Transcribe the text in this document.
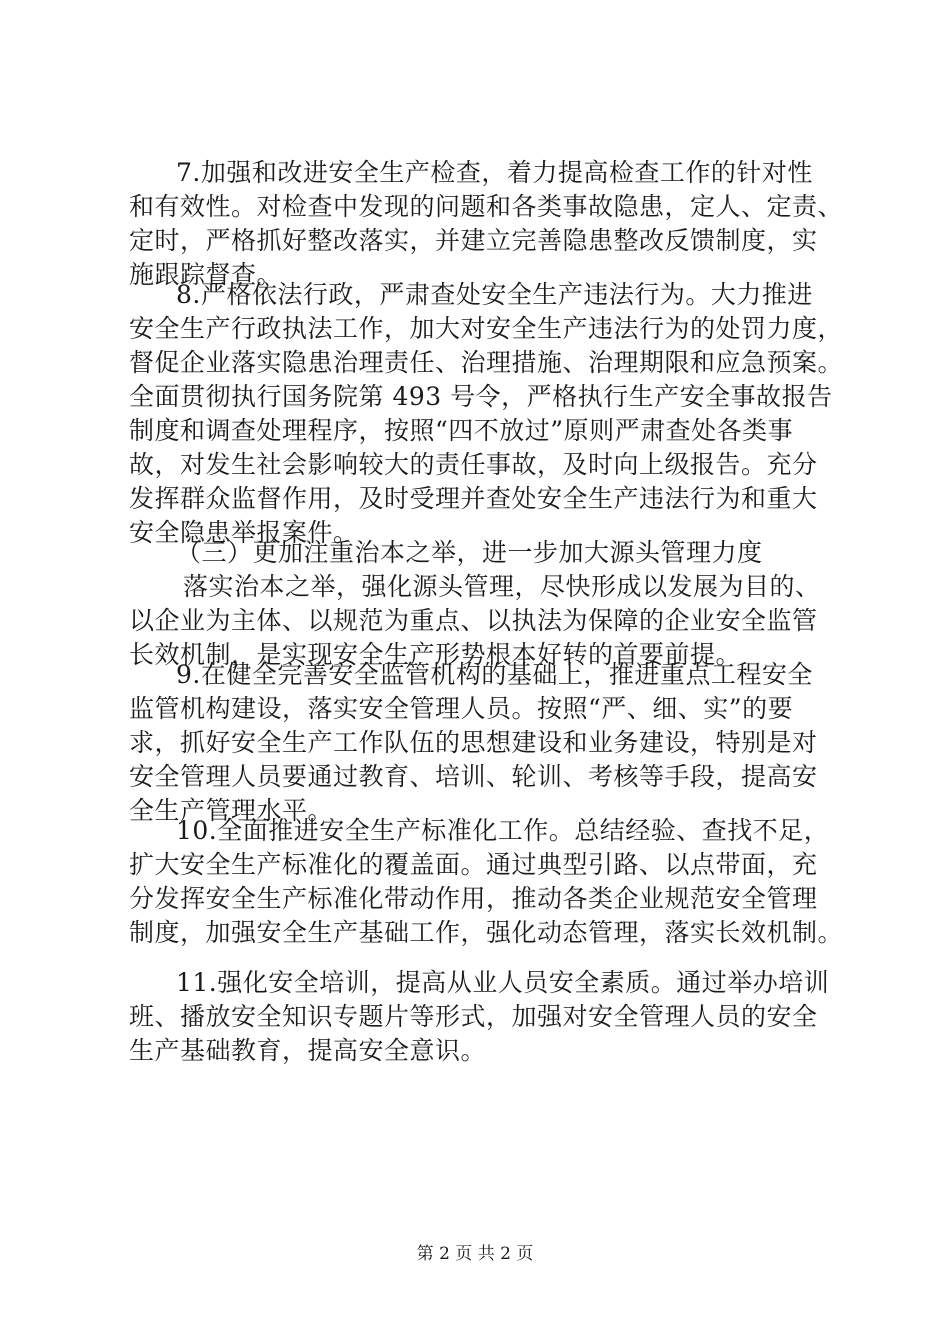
7.加强和改进安全生产检查，着力提高检查工作的针对性
和有效性。对检查中发现的问题和各类事故隐患，定人、定责、
定时，严格抓好整改落实，并建立完善隐患整改反馈制度，实
施跟踪督查。
8.严格依法行政，严肃查处安全生产违法行为。大力推进
安全生产行政执法工作，加大对安全生产违法行为的处罚力度，
督促企业落实隐患治理责任、治理措施、治理期限和应急预案。
全面贯彻执行国务院第 493 号令，严格执行生产安全事故报告
制度和调查处理程序，按照“四不放过”原则严肃查处各类事
故，对发生社会影响较大的责任事故，及时向上级报告。充分
发挥群众监督作用，及时受理并查处安全生产违法行为和重大
安全隐患举报案件。
（三）更加注重治本之举，进一步加大源头管理力度
落实治本之举，强化源头管理，尽快形成以发展为目的、
以企业为主体、以规范为重点、以执法为保障的企业安全监管
长效机制，是实现安全生产形势根本好转的首要前提。
9.在健全完善安全监管机构的基础上，推进重点工程安全
监管机构建设，落实安全管理人员。按照“严、细、实”的要
求，抓好安全生产工作队伍的思想建设和业务建设，特别是对
安全管理人员要通过教育、培训、轮训、考核等手段，提高安
全生产管理水平。
10.全面推进安全生产标准化工作。总结经验、查找不足，
扩大安全生产标准化的覆盖面。通过典型引路、以点带面，充
分发挥安全生产标准化带动作用，推动各类企业规范安全管理
制度，加强安全生产基础工作，强化动态管理，落实长效机制。
11.强化安全培训，提高从业人员安全素质。通过举办培训
班、播放安全知识专题片等形式，加强对安全管理人员的安全
生产基础教育，提高安全意识。
第 2 页 共 2 页
